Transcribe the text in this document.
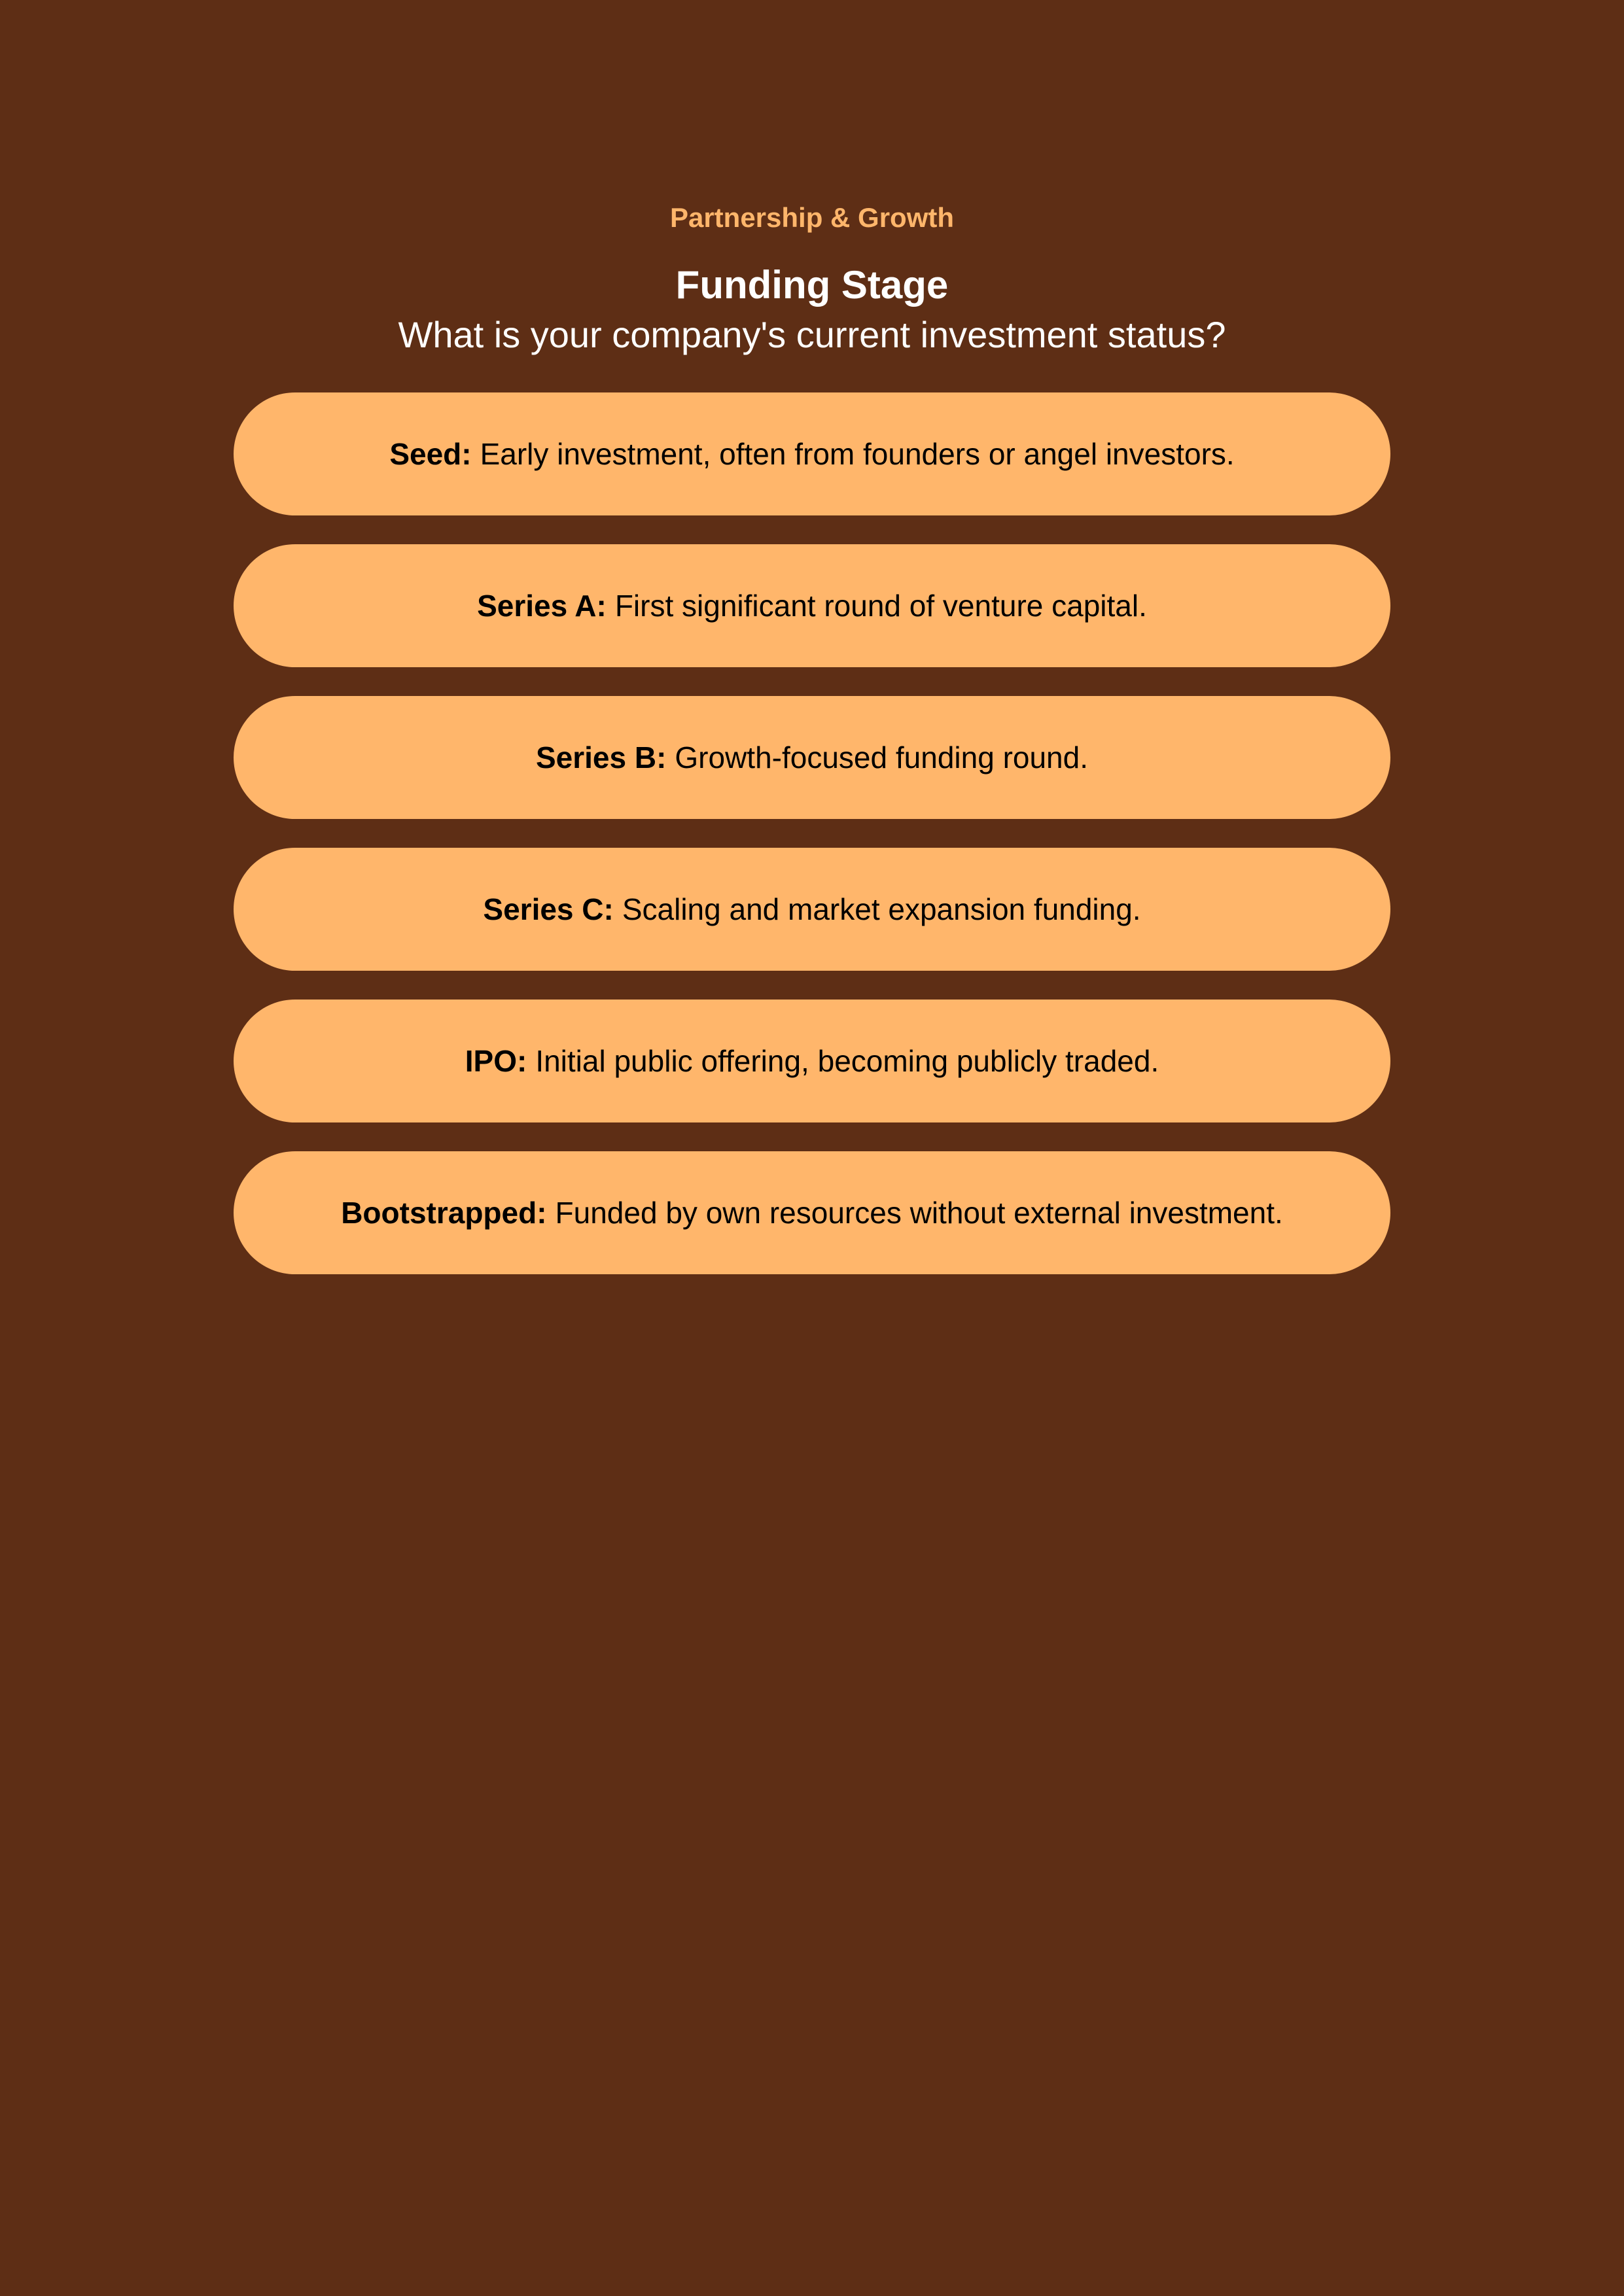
Partnership & Growth
Funding Stage
What is your company's current investment status?
Seed: Early investment, often from founders or angel investors.
Series A: First significant round of venture capital.
Series B: Growth-focused funding round.
Series C: Scaling and market expansion funding.
IPO: Initial public offering, becoming publicly traded.
Bootstrapped: Funded by own resources without external investment.
